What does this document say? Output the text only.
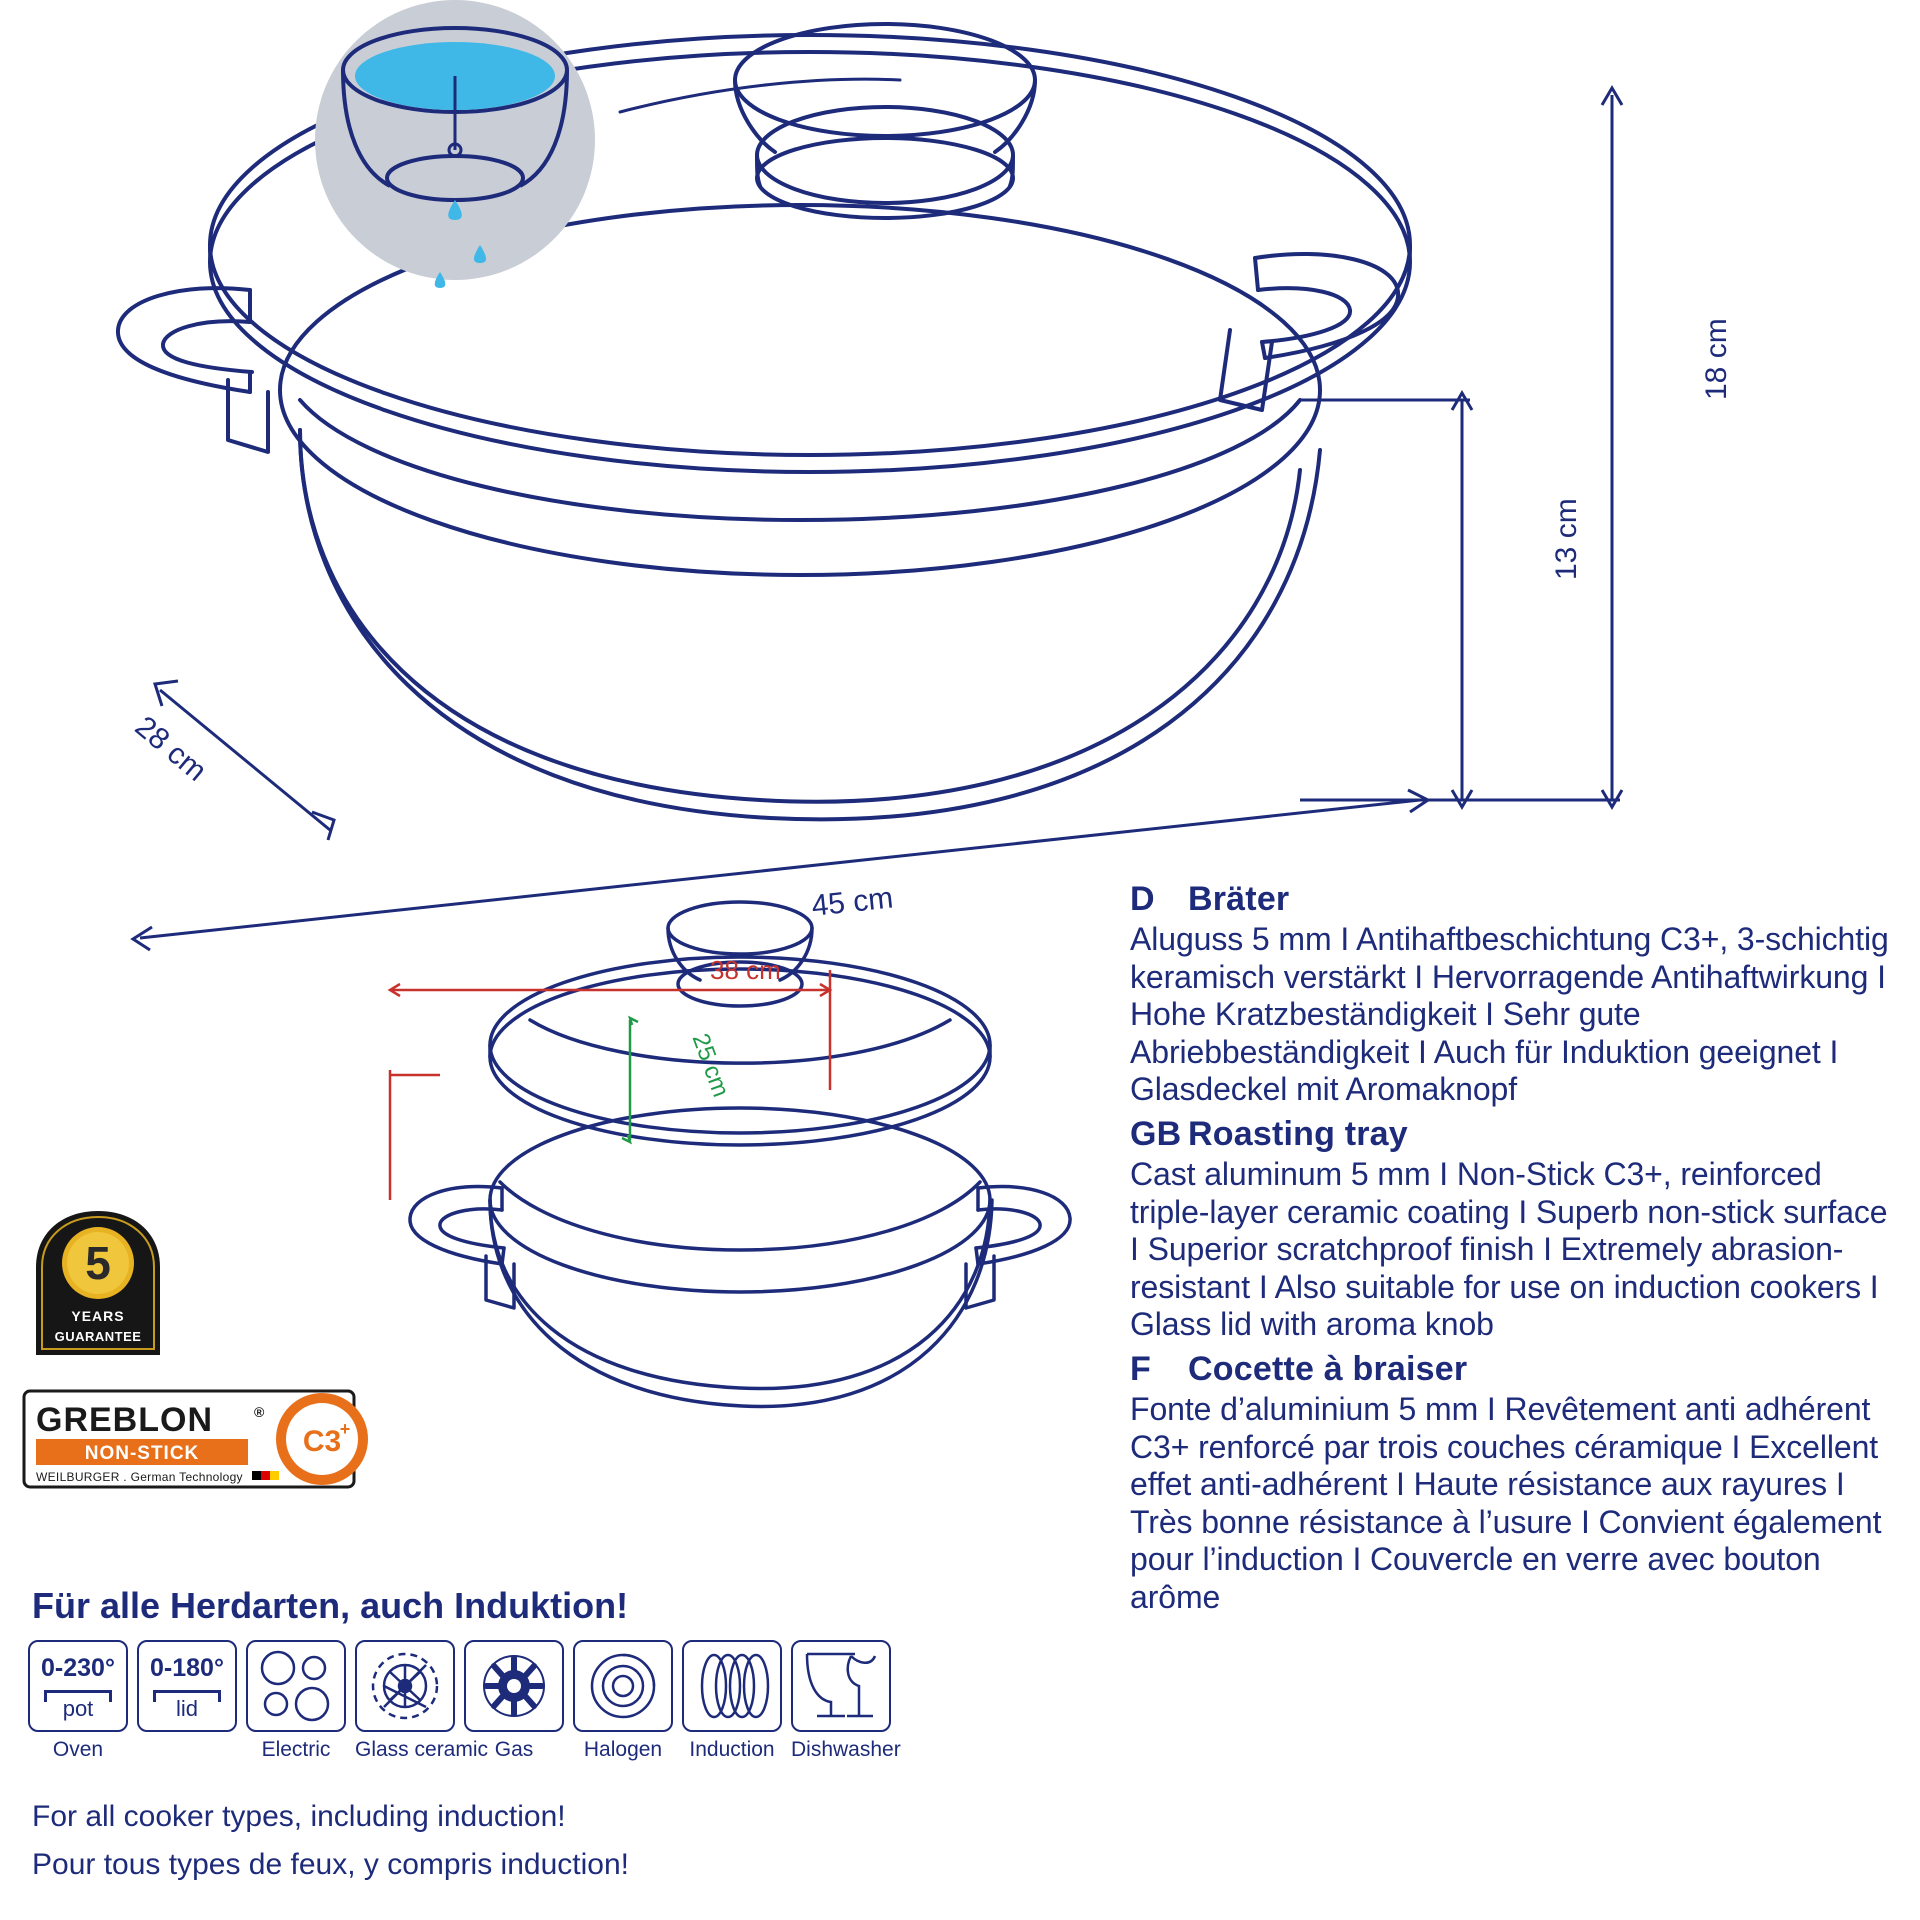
18 cm
13 cm
28 cm
45 cm
38 cm
25 cm
5
YEARS
GUARANTEE
C3
+
GREBLON	®
NON-STICK
WEILBURGER . German Technology
Für alle Herdarten, auch Induktion!
0-230°
pot
Oven
0-180°
lid
Electric	Glass ceramic Gas	Halogen	Induction Dishwasher
For all cooker types, including induction!
Pour tous types de feux, y compris induction!
D Bräter

Aluguss 5 mm I Antihaftbeschichtung C3+, 3-schichtig keramisch verstärkt I Hervorragende Antihaftwirkung I Hohe Kratzbeständigkeit I Sehr gute Abriebbeständigkeit I Auch für Induktion geeignet I Glasdeckel mit Aromaknopf

GB Roasting tray

Cast aluminum 5 mm I Non-Stick C3+, reinforced triple-layer ceramic coating I Superb non-stick surface I Superior scratchproof finish I Extremely abrasion-resistant I Also suitable for use on induction cookers I Glass lid with aroma knob

F Cocette à braiser

Fonte d’aluminium 5 mm I Revêtement anti adhérent C3+ renforcé par trois couches céramique I Excellent effet anti-adhérent I Haute résistance aux rayures I Très bonne résistance à l’usure I Convient également pour l’induction I Couvercle en verre avec bouton arôme
